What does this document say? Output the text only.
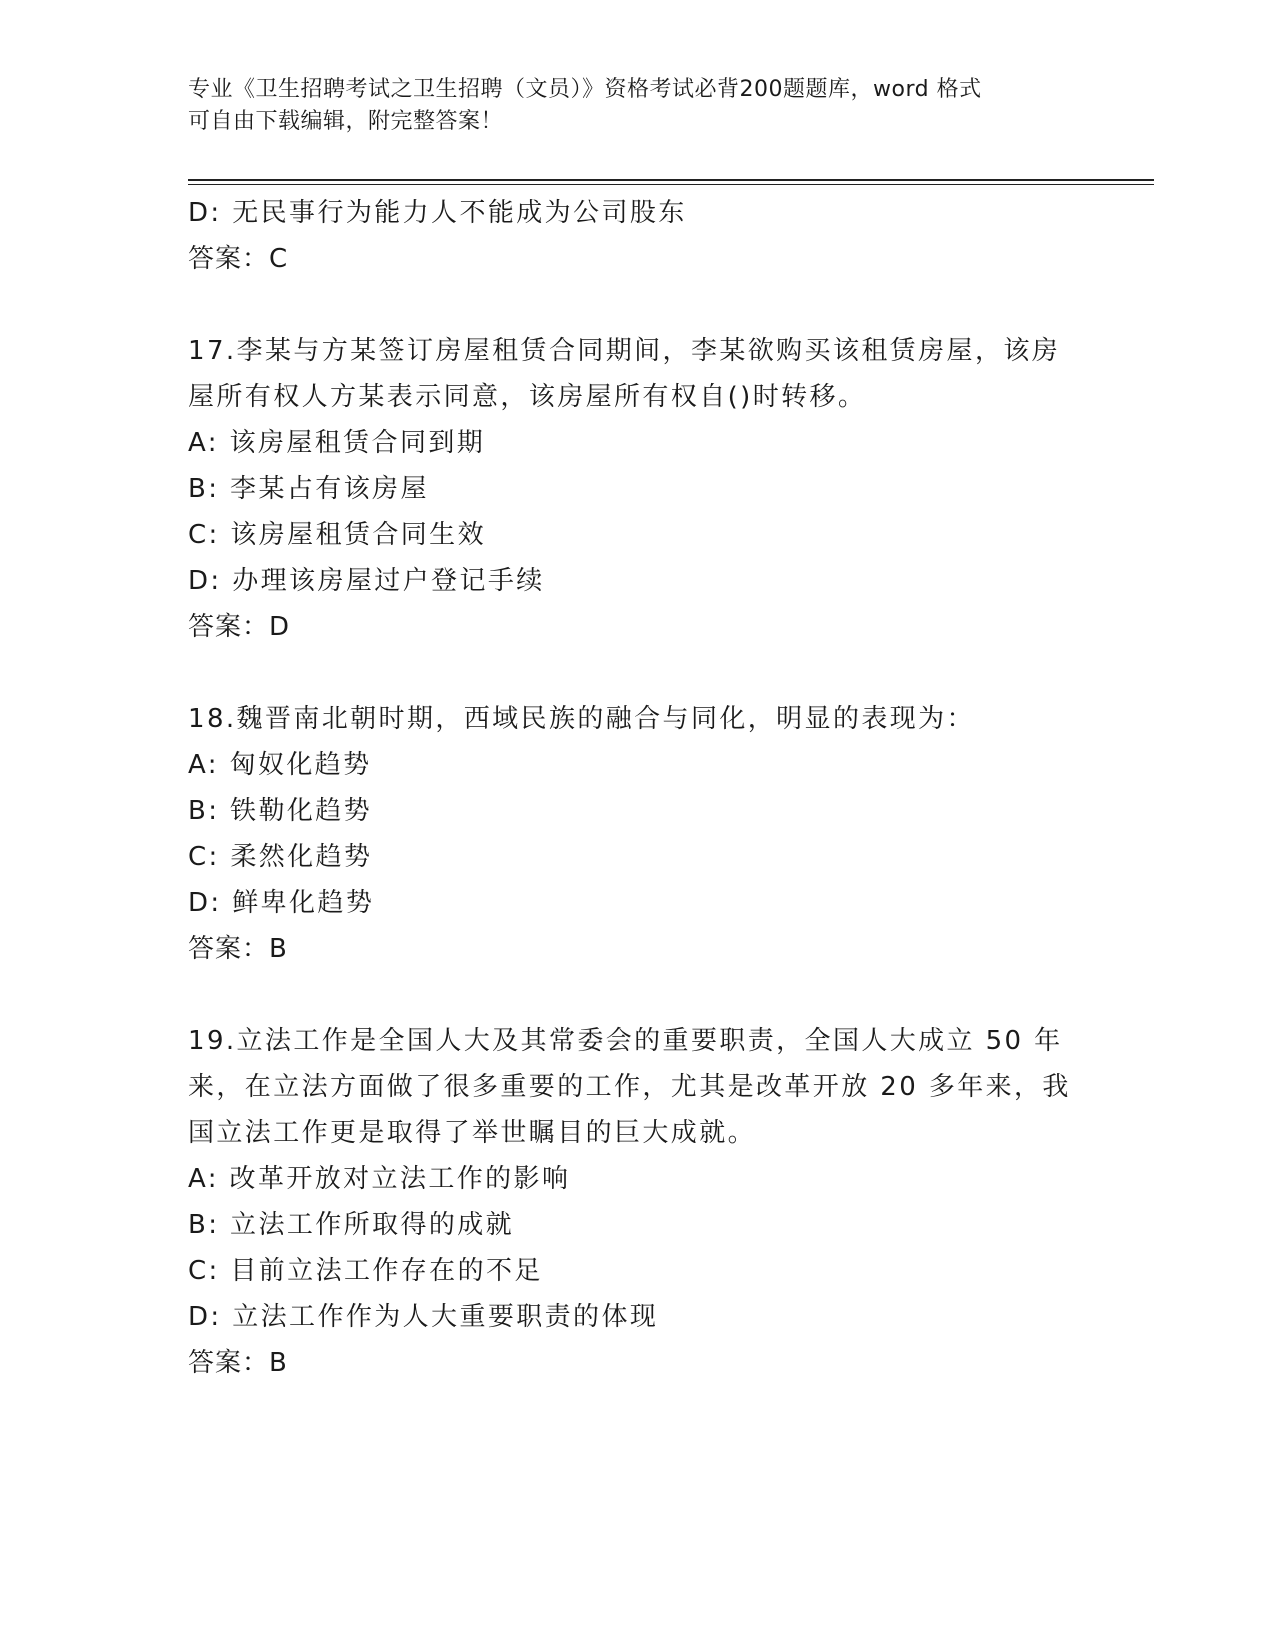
专业《卫生招聘考试之卫生招聘（文员）》资格考试必背200题题库，word 格式
可自由下载编辑，附完整答案！
D: 无民事行为能力人不能成为公司股东
答案：C
17.李某与方某签订房屋租赁合同期间，李某欲购买该租赁房屋，该房
屋所有权人方某表示同意，该房屋所有权自()时转移。
A: 该房屋租赁合同到期
B: 李某占有该房屋
C: 该房屋租赁合同生效
D: 办理该房屋过户登记手续
答案：D
18.魏晋南北朝时期，西域民族的融合与同化，明显的表现为：
A: 匈奴化趋势
B: 铁勒化趋势
C: 柔然化趋势
D: 鲜卑化趋势
答案：B
19.立法工作是全国人大及其常委会的重要职责，全国人大成立 50 年
来，在立法方面做了很多重要的工作，尤其是改革开放 20 多年来，我
国立法工作更是取得了举世瞩目的巨大成就。
A: 改革开放对立法工作的影响
B: 立法工作所取得的成就
C: 目前立法工作存在的不足
D: 立法工作作为人大重要职责的体现
答案：B
